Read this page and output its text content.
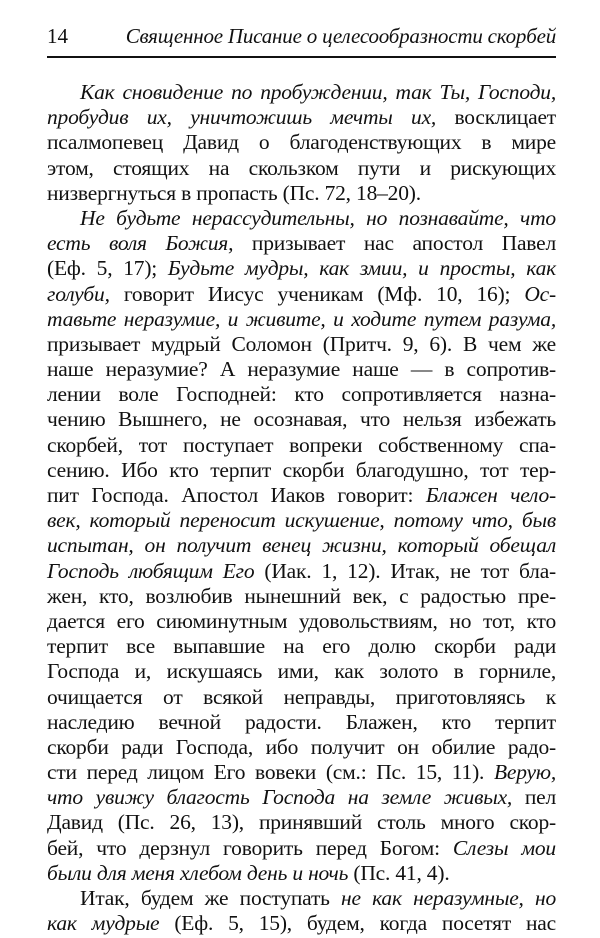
14	Священное Писание о целесообразности скорбей
Как сновидение по пробуждении, так Ты, Господи,
пробудив их, уничтожишь мечты их, восклицает
псалмопевец Давид о благоденствующих в мире
этом, стоящих на скользком пути и рискующих
низвергнуться в пропасть (Пс. 72, 18–20).
Не будьте нерассудительны, но познавайте, что
есть воля Божия, призывает нас апостол Павел
(Еф. 5, 17); Будьте мудры, как змии, и просты, как
голуби, говорит Иисус ученикам (Мф. 10, 16); Ос-
тавьте неразумие, и живите, и ходите путем разума,
призывает мудрый Соломон (Притч. 9, 6). В чем же
наше неразумие? А неразумие наше — в сопротив-
лении воле Господней: кто сопротивляется назна-
чению Вышнего, не осознавая, что нельзя избежать
скорбей, тот поступает вопреки собственному спа-
сению. Ибо кто терпит скорби благодушно, тот тер-
пит Господа. Апостол Иаков говорит: Блажен чело-
век, который переносит искушение, потому что, быв
испытан, он получит венец жизни, который обещал
Господь любящим Его (Иак. 1, 12). Итак, не тот бла-
жен, кто, возлюбив нынешний век, с радостью пре-
дается его сиюминутным удовольствиям, но тот, кто
терпит все выпавшие на его долю скорби ради
Господа и, искушаясь ими, как золото в горниле,
очищается от всякой неправды, приготовляясь к
наследию вечной радости. Блажен, кто терпит
скорби ради Господа, ибо получит он обилие радо-
сти перед лицом Его вовеки (см.: Пс. 15, 11). Верую,
что увижу благость Господа на земле живых, пел
Давид (Пс. 26, 13), принявший столь много скор-
бей, что дерзнул говорить перед Богом: Слезы мои
были для меня хлебом день и ночь (Пс. 41, 4).
Итак, будем же поступать не как неразумные, но
как мудрые (Еф. 5, 15), будем, когда посетят нас
